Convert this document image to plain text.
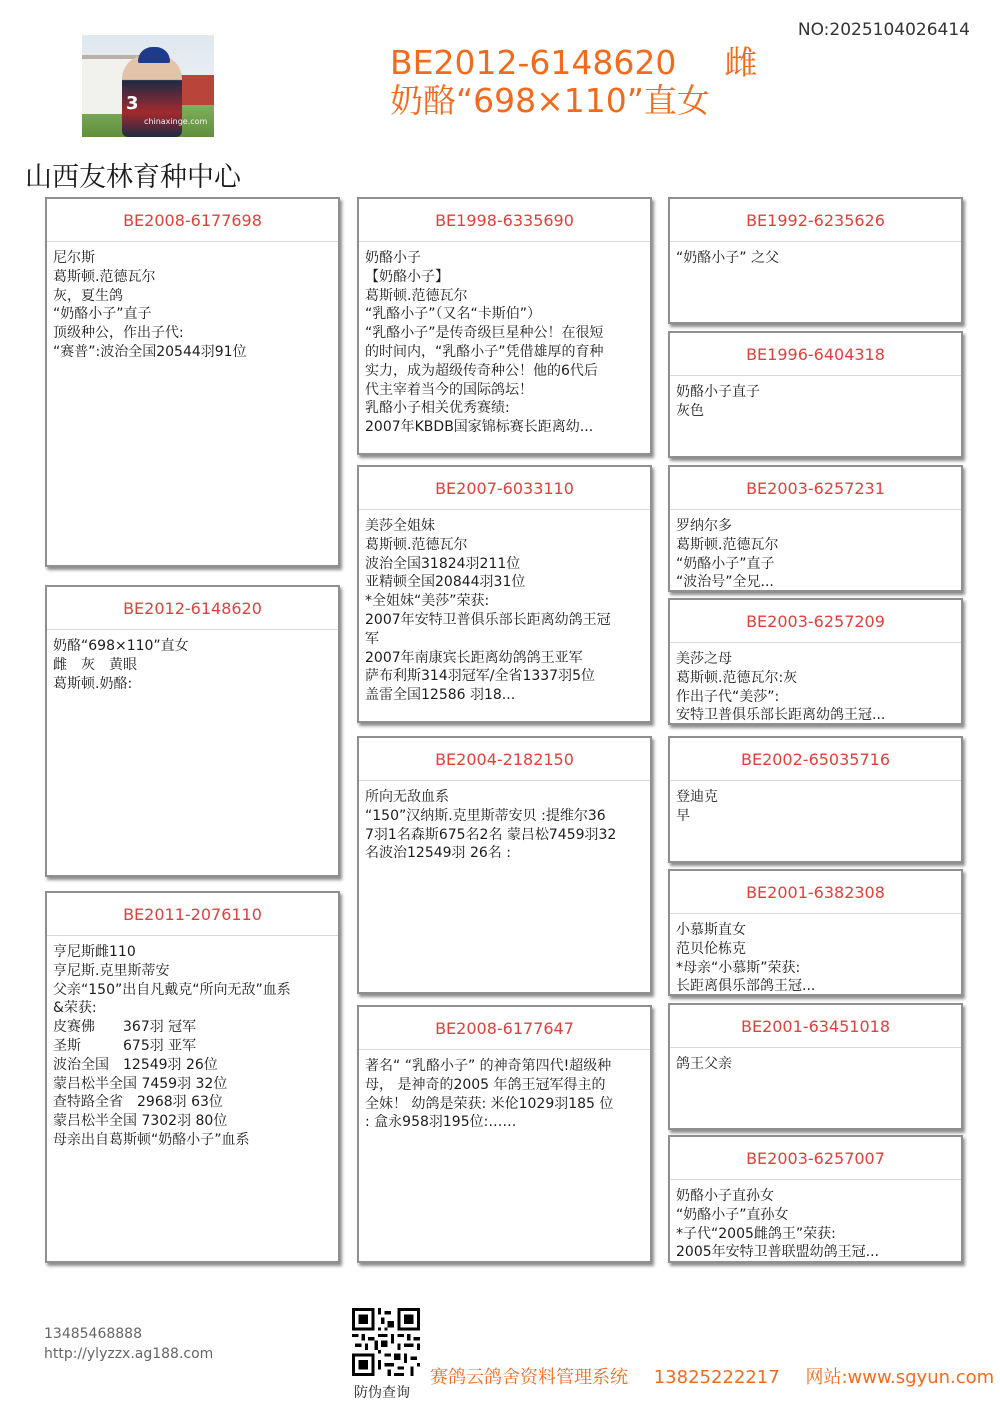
NO:2025104026414
3
chinaxinge.com
BE2012-6148620 雌
奶酪“698×110”直女
山西友林育种中心
BE2008-6177698
尼尔斯
葛斯顿.范德瓦尔
灰，夏生鸽
“奶酪小子”直子
顶级种公，作出子代:
“赛普”:波治全国20544羽91位
BE2012-6148620
奶酪“698×110”直女
雌　灰　黄眼
葛斯顿.奶酪:
BE2011-2076110
亨尼斯雌110
亨尼斯.克里斯蒂安
父亲“150”出自凡戴克“所向无敌”血系
&荣获:
皮赛佛　　367羽 冠军
圣斯　　　675羽 亚军
波治全国　12549羽 26位
蒙吕松半全国 7459羽 32位
查特路全省　2968羽 63位
蒙吕松半全国 7302羽 80位
母亲出自葛斯顿“奶酪小子”血系
BE1998-6335690
奶酪小子
【奶酪小子】
葛斯顿.范德瓦尔
“乳酪小子”（又名“卡斯伯”）
“乳酪小子”是传奇级巨星种公！在很短
的时间内，“乳酪小子”凭借雄厚的育种
实力，成为超级传奇种公！他的6代后
代主宰着当今的国际鸽坛！
乳酪小子相关优秀赛绩:
2007年KBDB国家锦标赛长距离幼...
BE2007-6033110
美莎全姐妹
葛斯顿.范德瓦尔
波治全国31824羽211位
亚精顿全国20844羽31位
*全姐妹“美莎”荣获:
2007年安特卫普俱乐部长距离幼鸽王冠
军
2007年南康宾长距离幼鸽鸽王亚军
萨布利斯314羽冠军/全省1337羽5位
盖雷全国12586 羽18...
BE2004-2182150
所向无敌血系
“150”汉纳斯.克里斯蒂安贝 :提维尔36
7羽1名森斯675名2名 蒙吕松7459羽32
名波治12549羽 26名 :
BE2008-6177647
著名“ “乳酪小子” 的神奇第四代!超级种
母， 是神奇的2005 年鸽王冠军得主的
全妹！ 幼鸽是荣获: 米伦1029羽185 位
: 盒永958羽195位:……
BE1992-6235626
“奶酪小子” 之父
BE1996-6404318
奶酪小子直子
灰色
BE2003-6257231
罗纳尔多
葛斯顿.范德瓦尔
“奶酪小子”直子
“波治号”全兄...
BE2003-6257209
美莎之母
葛斯顿.范德瓦尔:灰
作出子代“美莎”:
安特卫普俱乐部长距离幼鸽王冠...
BE2002-65035716
登迪克
早
BE2001-6382308
小慕斯直女
范贝伦栋克
*母亲“小慕斯”荣获:
长距离俱乐部鸽王冠...
BE2001-63451018
鸽王父亲
BE2003-6257007
奶酪小子直孙女
“奶酪小子”直孙女
*子代“2005雌鸽王”荣获:
2005年安特卫普联盟幼鸽王冠...
13485468888
http://ylyzzx.ag188.com
防伪查询
赛鸽云鸽舍资料管理系统 13825222217 网站:www.sgyun.com
